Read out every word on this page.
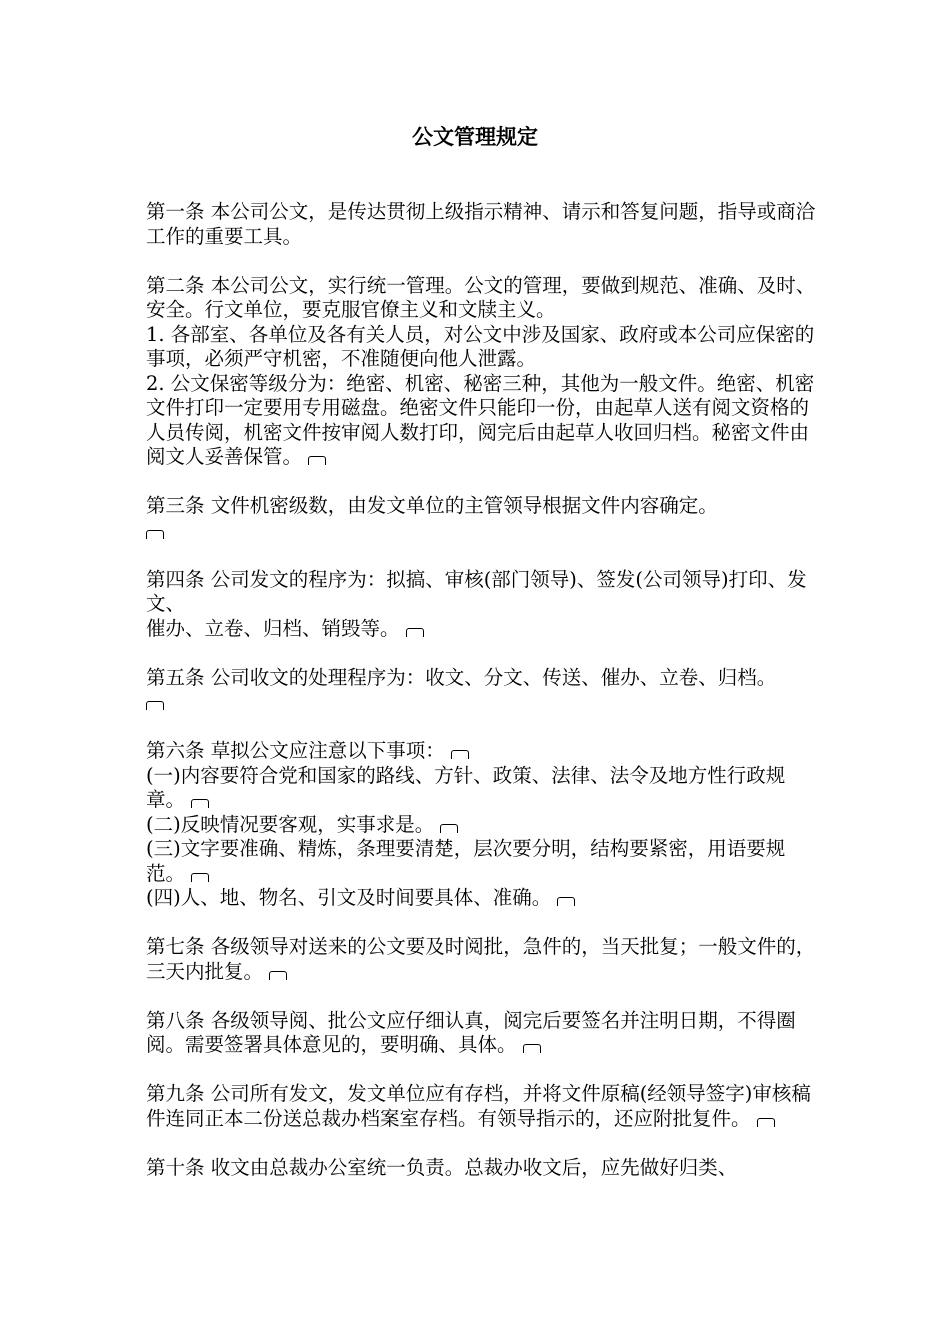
公文管理规定
第一条 本公司公文，是传达贯彻上级指示精神、请示和答复问题，指导或商洽工作的重要工具。
第二条 本公司公文，实行统一管理。公文的管理，要做到规范、准确、及时、安全。行文单位，要克服官僚主义和文牍主义。
1. 各部室、各单位及各有关人员，对公文中涉及国家、政府或本公司应保密的事项，必须严守机密，不准随便向他人泄露。
2. 公文保密等级分为：绝密、机密、秘密三种，其他为一般文件。绝密、机密文件打印一定要用专用磁盘。绝密文件只能印一份，由起草人送有阅文资格的人员传阅，机密文件按审阅人数打印，阅完后由起草人收回归档。秘密文件由阅文人妥善保管。
第三条 文件机密级数，由发文单位的主管领导根据文件内容确定。
第四条 公司发文的程序为：拟搞、审核(部门领导)、签发(公司领导)打印、发文、
催办、立卷、归档、销毁等。
第五条 公司收文的处理程序为：收文、分文、传送、催办、立卷、归档。
第六条 草拟公文应注意以下事项：
(一)内容要符合党和国家的路线、方针、政策、法律、法令及地方性行政规章。
(二)反映情况要客观，实事求是。
(三)文字要准确、精炼，条理要清楚，层次要分明，结构要紧密，用语要规范。
(四)人、地、物名、引文及时间要具体、准确。
第七条 各级领导对送来的公文要及时阅批，急件的，当天批复；一般文件的，三天内批复。
第八条 各级领导阅、批公文应仔细认真，阅完后要签名并注明日期，不得圈阅。需要签署具体意见的，要明确、具体。
第九条 公司所有发文，发文单位应有存档，并将文件原稿(经领导签字)审核稿件连同正本二份送总裁办档案室存档。有领导指示的，还应附批复件。
第十条 收文由总裁办公室统一负责。总裁办收文后，应先做好归类、
